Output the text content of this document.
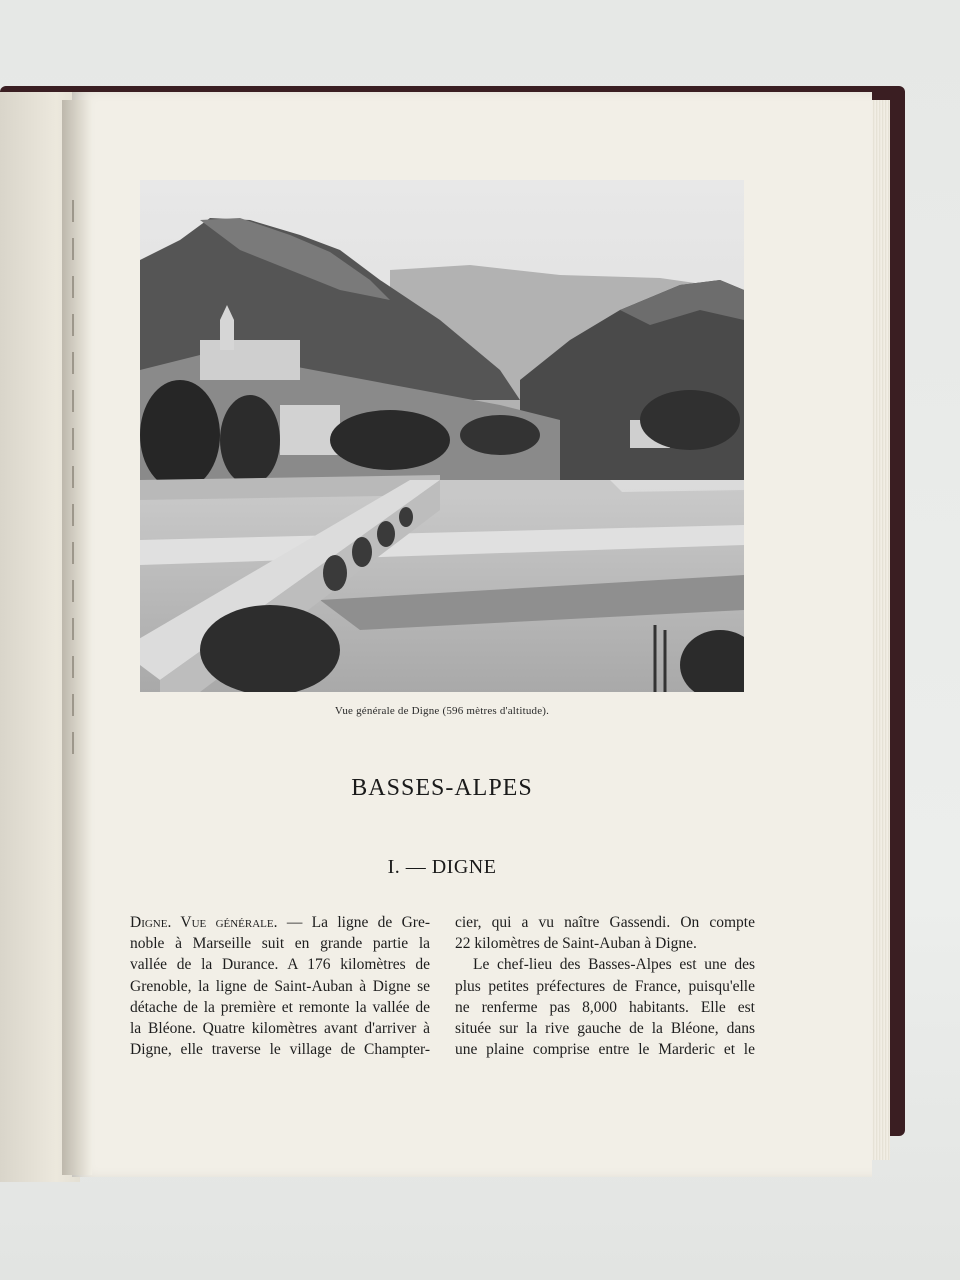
Vue générale de Digne (596 mètres d'altitude).
BASSES-ALPES
I. — DIGNE
Digne. Vue générale. — La ligne de Gre-
noble à Marseille suit en grande partie la
vallée de la Durance. A 176 kilomètres de
Grenoble, la ligne de Saint-Auban à Digne se
détache de la première et remonte la vallée de
la Bléone. Quatre kilomètres avant d'arriver à
Digne, elle traverse le village de Champter-
cier, qui a vu naître Gassendi. On compte
22 kilomètres de Saint-Auban à Digne.
Le chef-lieu des Basses-Alpes est une des
plus petites préfectures de France, puisqu'elle
ne renferme pas 8,000 habitants. Elle est
située sur la rive gauche de la Bléone, dans
une plaine comprise entre le Marderic et le
